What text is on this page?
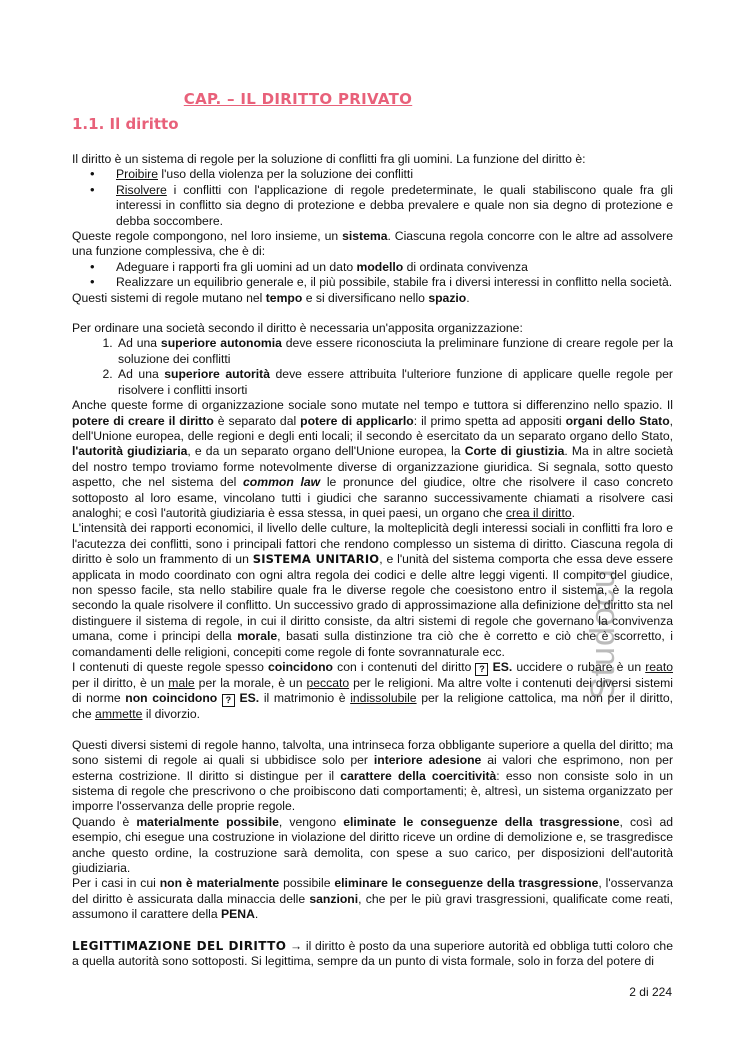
CAP. – IL DIRITTO PRIVATO
1.1. Il diritto

Il diritto è un sistema di regole per la soluzione di conflitti fra gli uomini. La funzione del diritto è:

• Proibire l'uso della violenza per la soluzione dei conflitti
• Risolvere i conflitti con l'applicazione di regole predeterminate, le quali stabiliscono quale fra gli interessi in conflitto sia degno di protezione e debba prevalere e quale non sia degno di protezione e debba soccombere.

Queste regole compongono, nel loro insieme, un sistema. Ciascuna regola concorre con le altre ad assolvere una funzione complessiva, che è di:

• Adeguare i rapporti fra gli uomini ad un dato modello di ordinata convivenza
• Realizzare un equilibrio generale e, il più possibile, stabile fra i diversi interessi in conflitto nella società.

Questi sistemi di regole mutano nel tempo e si diversificano nello spazio.

Per ordinare una società secondo il diritto è necessaria un'apposita organizzazione:

1. Ad una superiore autonomia deve essere riconosciuta la preliminare funzione di creare regole per la soluzione dei conflitti
2. Ad una superiore autorità deve essere attribuita l'ulteriore funzione di applicare quelle regole per risolvere i conflitti insorti

Anche queste forme di organizzazione sociale sono mutate nel tempo e tuttora si differenzino nello spazio. Il potere di creare il diritto è separato dal potere di applicarlo: il primo spetta ad appositi organi dello Stato, dell'Unione europea, delle regioni e degli enti locali; il secondo è esercitato da un separato organo dello Stato, l'autorità giudiziaria, e da un separato organo dell'Unione europea, la Corte di giustizia. Ma in altre società del nostro tempo troviamo forme notevolmente diverse di organizzazione giuridica. Si segnala, sotto questo aspetto, che nel sistema del common law le pronunce del giudice, oltre che risolvere il caso concreto sottoposto al loro esame, vincolano tutti i giudici che saranno successivamente chiamati a risolvere casi analoghi; e così l'autorità giudiziaria è essa stessa, in quei paesi, un organo che crea il diritto.

L'intensità dei rapporti economici, il livello delle culture, la molteplicità degli interessi sociali in conflitti fra loro e l'acutezza dei conflitti, sono i principali fattori che rendono complesso un sistema di diritto. Ciascuna regola di diritto è solo un frammento di un SISTEMA UNITARIO, e l'unità del sistema comporta che essa deve essere applicata in modo coordinato con ogni altra regola dei codici e delle altre leggi vigenti. Il compito del giudice, non spesso facile, sta nello stabilire quale fra le diverse regole che coesistono entro il sistema, è la regola secondo la quale risolvere il conflitto. Un successivo grado di approssimazione alla definizione del diritto sta nel distinguere il sistema di regole, in cui il diritto consiste, da altri sistemi di regole che governano la convivenza umana, come i principi della morale, basati sulla distinzione tra ciò che è corretto e ciò che è scorretto, i comandamenti delle religioni, concepiti come regole di fonte sovrannaturale ecc.

I contenuti di queste regole spesso coincidono con i contenuti del diritto ? ES. uccidere o rubare è un reato per il diritto, è un male per la morale, è un peccato per le religioni. Ma altre volte i contenuti dei diversi sistemi di norme non coincidono ? ES. il matrimonio è indissolubile per la religione cattolica, ma non per il diritto, che ammette il divorzio.

Questi diversi sistemi di regole hanno, talvolta, una intrinseca forza obbligante superiore a quella del diritto; ma sono sistemi di regole ai quali si ubbidisce solo per interiore adesione ai valori che esprimono, non per esterna costrizione. Il diritto si distingue per il carattere della coercitività: esso non consiste solo in un sistema di regole che prescrivono o che proibiscono dati comportamenti; è, altresì, un sistema organizzato per imporre l'osservanza delle proprie regole.

Quando è materialmente possibile, vengono eliminate le conseguenze della trasgressione, così ad esempio, chi esegue una costruzione in violazione del diritto riceve un ordine di demolizione e, se trasgredisce anche questo ordine, la costruzione sarà demolita, con spese a suo carico, per disposizioni dell'autorità giudiziaria.

Per i casi in cui non è materialmente possibile eliminare le conseguenze della trasgressione, l'osservanza del diritto è assicurata dalla minaccia delle sanzioni, che per le più gravi trasgressioni, qualificate come reati, assumono il carattere della PENA.

LEGITTIMAZIONE DEL DIRITTO → il diritto è posto da una superiore autorità ed obbliga tutti coloro che a quella autorità sono sottoposti. Si legittima, sempre da un punto di vista formale, solo in forza del potere di

Studocu
2 di 224
